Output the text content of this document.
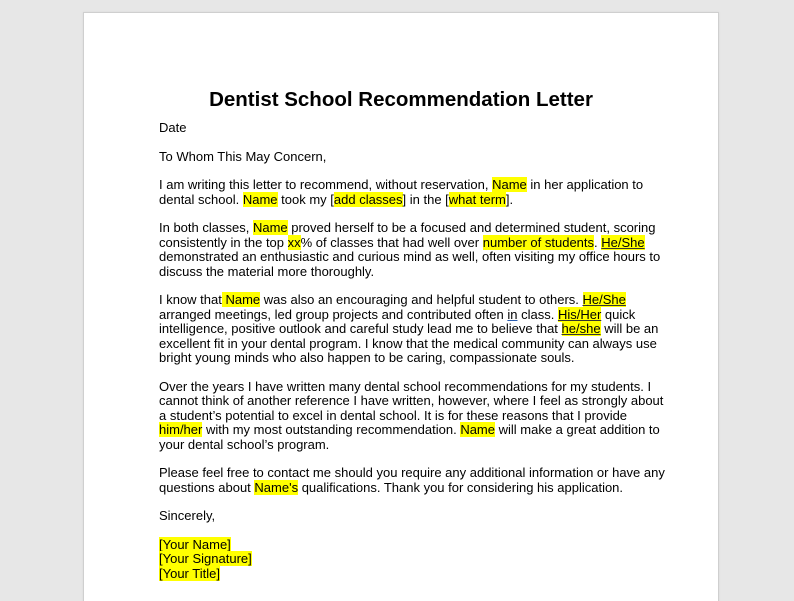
Dentist School Recommendation Letter
Date
To Whom This May Concern,
I am writing this letter to recommend, without reservation, Name in her application to
dental school. Name took my [add classes] in the [what term].
In both classes, Name proved herself to be a focused and determined student, scoring
consistently in the top xx% of classes that had well over number of students. He/She
demonstrated an enthusiastic and curious mind as well, often visiting my office hours to
discuss the material more thoroughly.
I know that Name was also an encouraging and helpful student to others. He/She
arranged meetings, led group projects and contributed often in class. His/Her quick
intelligence, positive outlook and careful study lead me to believe that he/she will be an
excellent fit in your dental program. I know that the medical community can always use
bright young minds who also happen to be caring, compassionate souls.
Over the years I have written many dental school recommendations for my students. I
cannot think of another reference I have written, however, where I feel as strongly about
a student’s potential to excel in dental school. It is for these reasons that I provide
him/her with my most outstanding recommendation. Name will make a great addition to
your dental school’s program.
Please feel free to contact me should you require any additional information or have any
questions about Name's qualifications. Thank you for considering his application.
Sincerely,
[Your Name]
[Your Signature]
[Your Title]
